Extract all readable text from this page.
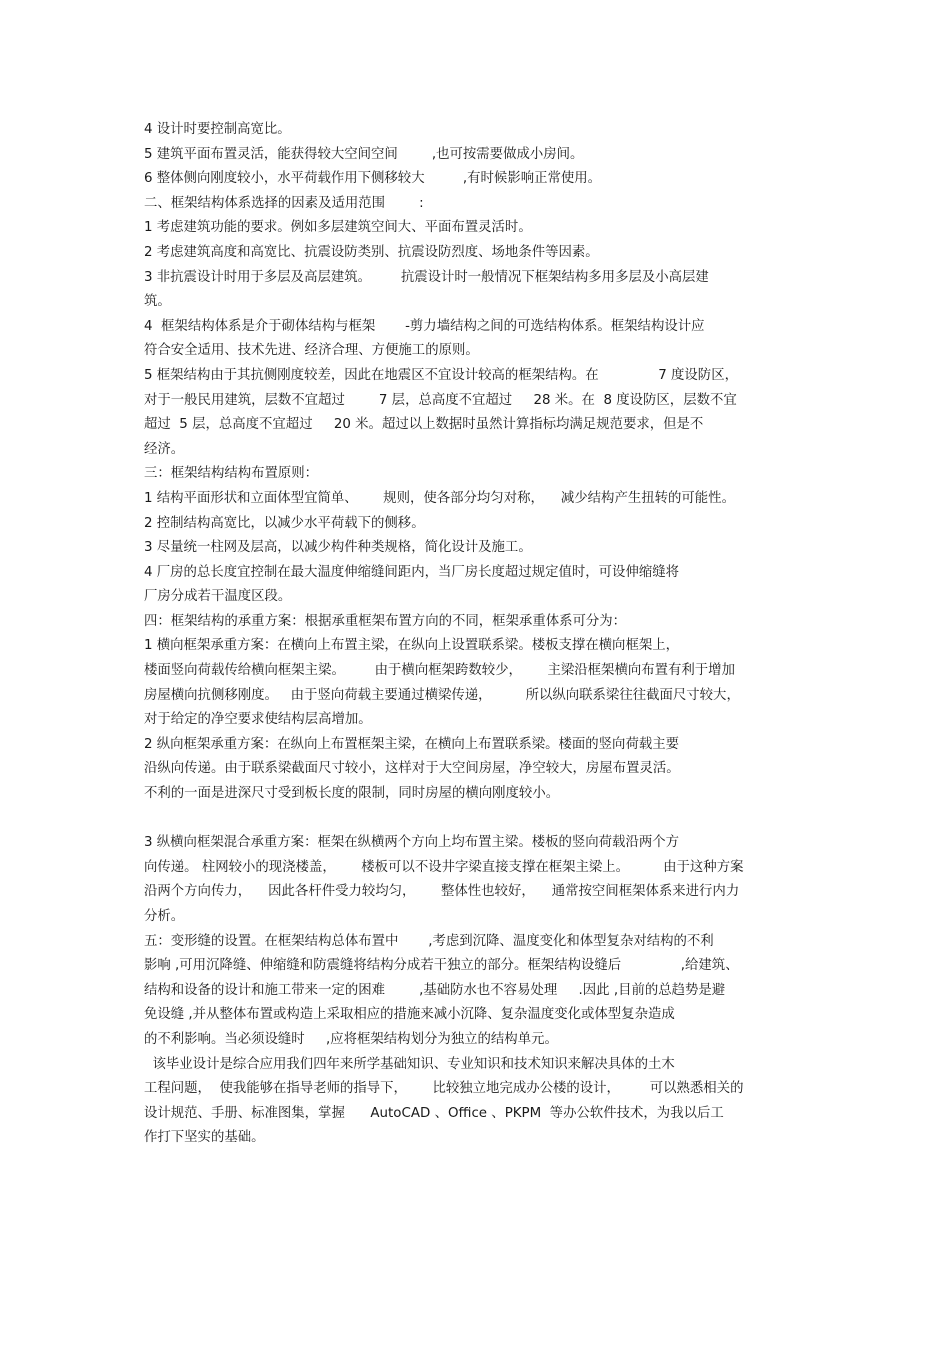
4 设计时要控制高宽比。
5 建筑平面布置灵活，能获得较大空间空间        ,也可按需要做成小房间。
6 整体侧向刚度较小，水平荷载作用下侧移较大         ,有时候影响正常使用。
二、框架结构体系选择的因素及适用范围        :
1 考虑建筑功能的要求。例如多层建筑空间大、平面布置灵活时。
2 考虑建筑高度和高宽比、抗震设防类别、抗震设防烈度、场地条件等因素。
3 非抗震设计时用于多层及高层建筑。       抗震设计时一般情况下框架结构多用多层及小高层建
筑。
4  框架结构体系是介于砌体结构与框架       -剪力墙结构之间的可选结构体系。框架结构设计应
符合安全适用、技术先进、经济合理、方便施工的原则。
5 框架结构由于其抗侧刚度较差，因此在地震区不宜设计较高的框架结构。在              7 度设防区，
对于一般民用建筑，层数不宜超过        7 层，总高度不宜超过     28 米。在  8 度设防区，层数不宜
超过  5 层，总高度不宜超过     20 米。超过以上数据时虽然计算指标均满足规范要求，但是不
经济。
三：框架结构结构布置原则：
1 结构平面形状和立面体型宜简单、      规则，使各部分均匀对称，    减少结构产生扭转的可能性。
2 控制结构高宽比，以减少水平荷载下的侧移。
3 尽量统一柱网及层高，以减少构件种类规格，简化设计及施工。
4 厂房的总长度宜控制在最大温度伸缩缝间距内，当厂房长度超过规定值时，可设伸缩缝将
厂房分成若干温度区段。
四：框架结构的承重方案：根据承重框架布置方向的不同，框架承重体系可分为：
1 横向框架承重方案：在横向上布置主梁，在纵向上设置联系梁。楼板支撑在横向框架上，
楼面竖向荷载传给横向框架主梁。       由于横向框架跨数较少，      主梁沿框架横向布置有利于增加
房屋横向抗侧移刚度。   由于竖向荷载主要通过横梁传递，        所以纵向联系梁往往截面尺寸较大，
对于给定的净空要求使结构层高增加。
2 纵向框架承重方案：在纵向上布置框架主梁，在横向上布置联系梁。楼面的竖向荷载主要
沿纵向传递。由于联系梁截面尺寸较小，这样对于大空间房屋，净空较大，房屋布置灵活。
不利的一面是进深尺寸受到板长度的限制，同时房屋的横向刚度较小。
3 纵横向框架混合承重方案：框架在纵横两个方向上均布置主梁。楼板的竖向荷载沿两个方
向传递。 柱网较小的现浇楼盖，      楼板可以不设井字梁直接支撑在框架主梁上。        由于这种方案
沿两个方向传力，    因此各杆件受力较均匀，      整体性也较好，    通常按空间框架体系来进行内力
分析。
五：变形缝的设置。在框架结构总体布置中       ,考虑到沉降、温度变化和体型复杂对结构的不利
影响 ,可用沉降缝、伸缩缝和防震缝将结构分成若干独立的部分。框架结构设缝后              ,给建筑、
结构和设备的设计和施工带来一定的困难        ,基础防水也不容易处理     .因此 ,目前的总趋势是避
免设缝 ,并从整体布置或构造上采取相应的措施来减小沉降、复杂温度变化或体型复杂造成
的不利影响。当必须设缝时     ,应将框架结构划分为独立的结构单元。
该毕业设计是综合应用我们四年来所学基础知识、专业知识和技术知识来解决具体的土木
工程问题，  使我能够在指导老师的指导下，      比较独立地完成办公楼的设计，       可以熟悉相关的
设计规范、手册、标准图集，掌握      AutoCAD 、Office 、PKPM  等办公软件技术，为我以后工
作打下坚实的基础。
